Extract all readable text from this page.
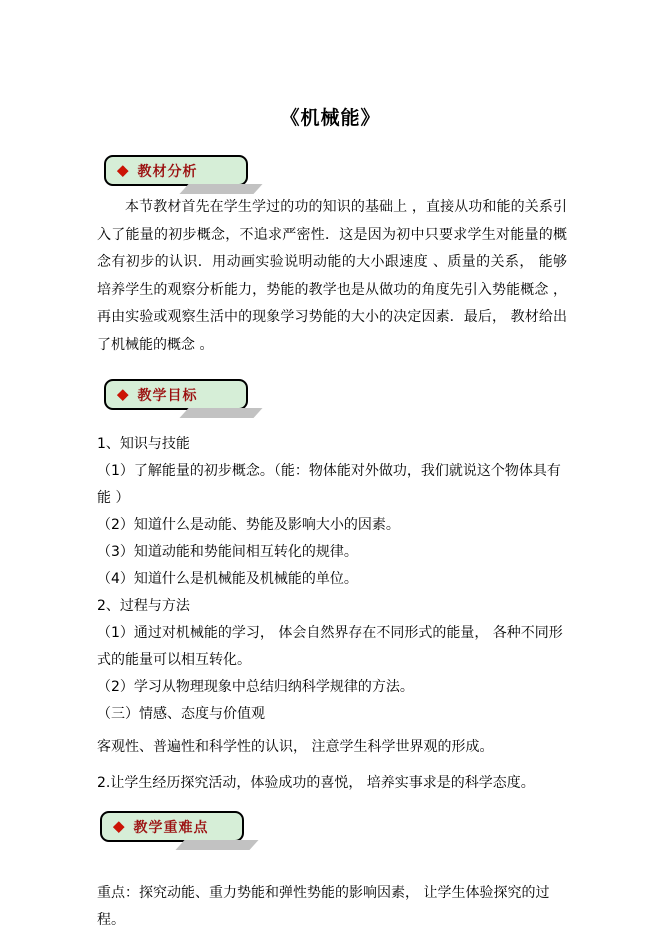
《机械能》
◆ 教材分析

本节教材首先在学生学过的功的知识的基础上 ，直接从功和能的关系引入了能量的初步概念，不追求严密性．这是因为初中只要求学生对能量的概念有初步的认识．用动画实验说明动能的大小跟速度 、质量的关系， 能够培养学生的观察分析能力，势能的教学也是从做功的角度先引入势能概念 ，再由实验或观察生活中的现象学习势能的大小的决定因素．最后， 教材给出了机械能的概念 。

◆ 教学目标
1、知识与技能
（1）了解能量的初步概念。（能：物体能对外做功，我们就说这个物体具有能 ）
（2）知道什么是动能、势能及影响大小的因素。
（3）知道动能和势能间相互转化的规律。
（4）知道什么是机械能及机械能的单位。
2、过程与方法
（1）通过对机械能的学习， 体会自然界存在不同形式的能量， 各种不同形式的能量可以相互转化。
（2）学习从物理现象中总结归纳科学规律的方法。
（三）情感、态度与价值观

客观性、普遍性和科学性的认识， 注意学生科学世界观的形成。

2.让学生经历探究活动，体验成功的喜悦， 培养实事求是的科学态度。

◆ 教学重难点

重点：探究动能、重力势能和弹性势能的影响因素， 让学生体验探究的过程。
